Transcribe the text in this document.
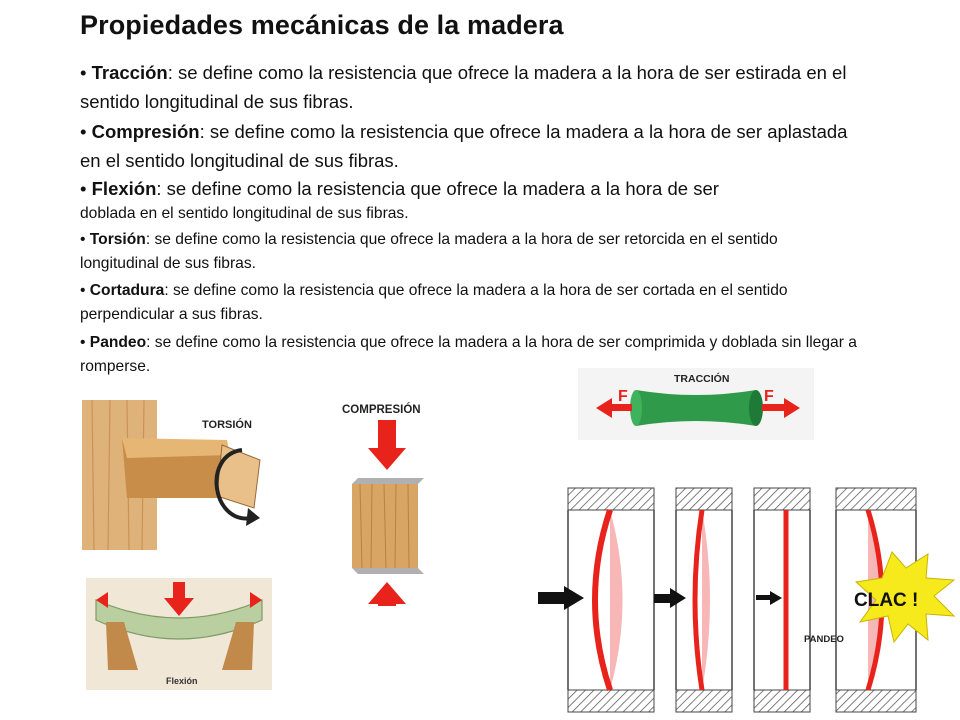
Propiedades mecánicas de la madera
• Tracción: se define como la resistencia que ofrece la madera a la hora de ser estirada en el sentido longitudinal de sus fibras.
• Compresión: se define como la resistencia que ofrece la madera a la hora de ser aplastada en el sentido longitudinal de sus fibras.
• Flexión: se define como la resistencia que ofrece la madera a la hora de ser
doblada en el sentido longitudinal de sus fibras.
• Torsión: se define como la resistencia que ofrece la madera a la hora de ser retorcida en el sentido longitudinal de sus fibras.
• Cortadura: se define como la resistencia que ofrece la madera a la hora de ser cortada en el sentido perpendicular a sus fibras.
• Pandeo: se define como la resistencia que ofrece la madera a la hora de ser comprimida y doblada sin llegar a romperse.
TORSIÓN
COMPRESIÓN
TRACCIÓN
F	F
Flexión
PANDEO
CLAC !
